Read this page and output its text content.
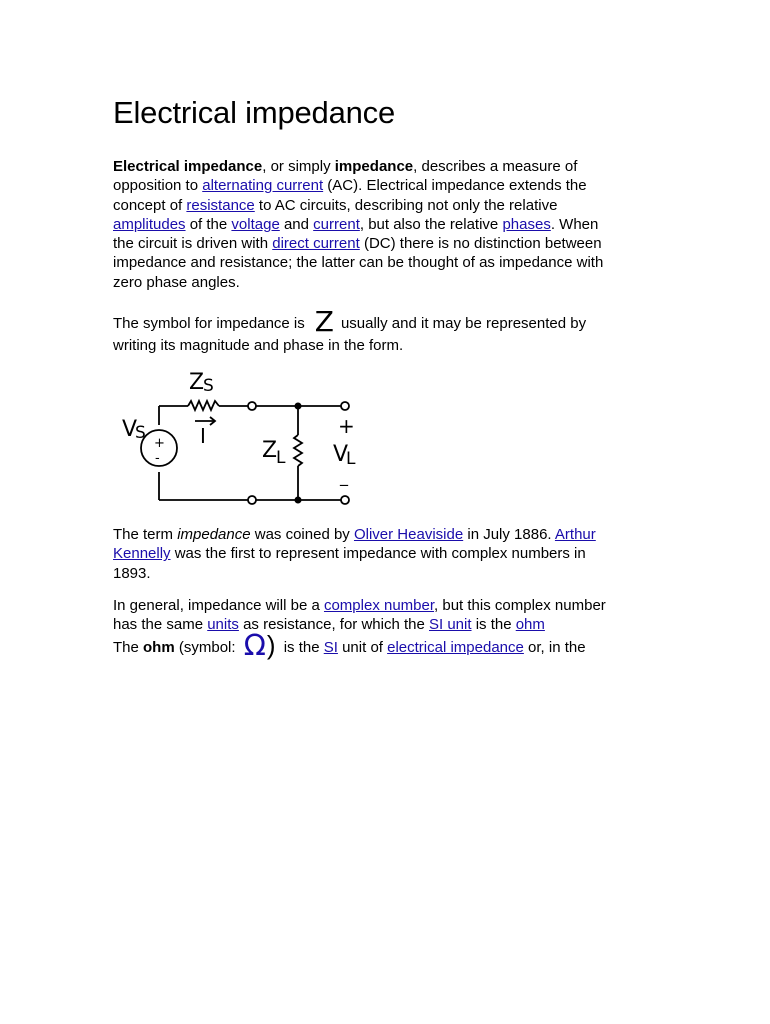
Electrical impedance

Electrical impedance, or simply impedance, describes a measure of
opposition to alternating current (AC). Electrical impedance extends the
concept of resistance to AC circuits, describing not only the relative
amplitudes of the voltage and current, but also the relative phases. When
the circuit is driven with direct current (DC) there is no distinction between
impedance and resistance; the latter can be thought of as impedance with
zero phase angles.

The symbol for impedance is Z usually and it may be represented by
writing its magnitude and phase in the form.

The term impedance was coined by Oliver Heaviside in July 1886. Arthur
Kennelly was the first to represent impedance with complex numbers in
1893.

In general, impedance will be a complex number, but this complex number
has the same units as resistance, for which the SI unit is the ohm

The ohm (symbol: Ω) is the SI unit of electrical impedance or, in the

V
S
+
-
Z
S
I
Z
L
+
V
L
_
